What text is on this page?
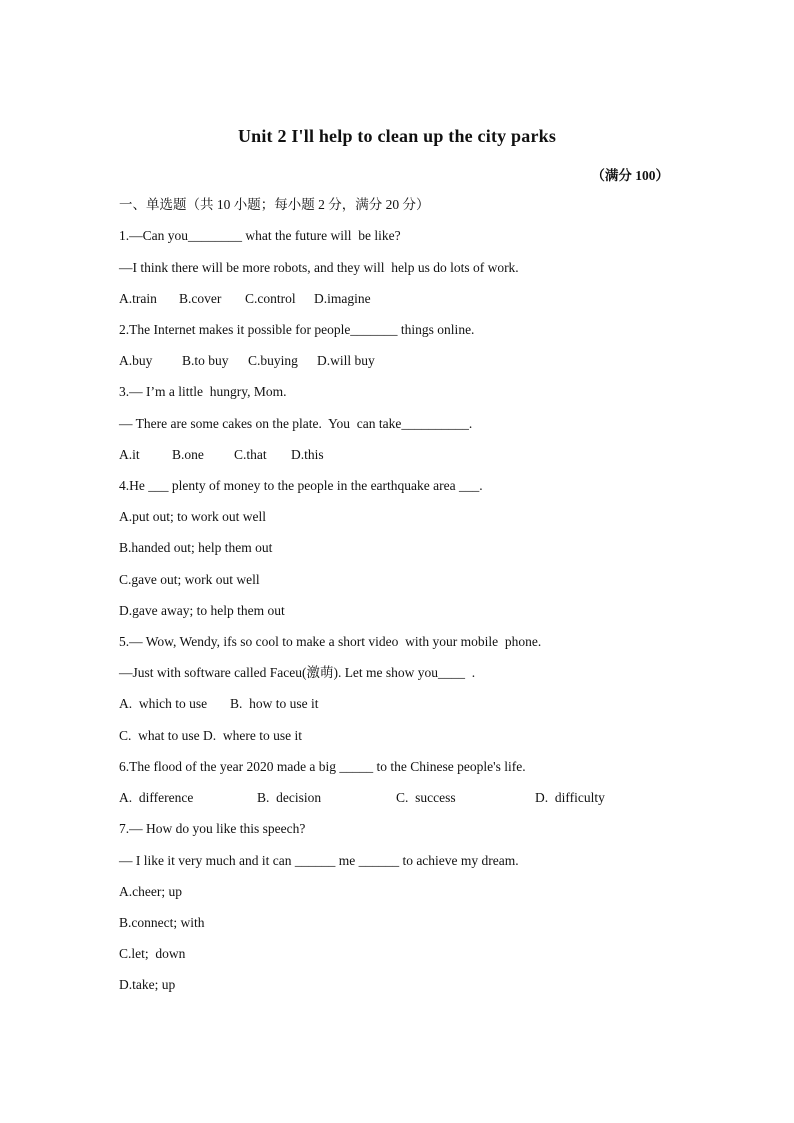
Unit 2 I'll help to clean up the city parks
（满分 100）
一、单选题（共 10 小题；每小题 2 分，满分 20 分）
1.—Can you________ what the future will  be like?
—I think there will be more robots, and they will  help us do lots of work.
A.train B.cover C.control D.imagine
2.The Internet makes it possible for people_______ things online.
A.buy B.to buy C.buying D.will buy
3.— I’m a little  hungry, Mom.
— There are some cakes on the plate.  You  can take__________.
A.it B.one C.that D.this
4.He ___ plenty of money to the people in the earthquake area ___.
A.put out; to work out well
B.handed out; help them out
C.gave out; work out well
D.gave away; to help them out
5.— Wow, Wendy, ifs so cool to make a short video  with your mobile  phone.
—Just with software called Faceu(激萌). Let me show you____  .
A.  which to use B.  how to use it
C.  what to use D.  where to use it
6.The flood of the year 2020 made a big _____ to the Chinese people's life.
A.  difference	B.  decision	C.  success	D.  difficulty
7.— How do you like this speech?
— I like it very much and it can ______ me ______ to achieve my dream.
A.cheer; up
B.connect; with
C.let;  down
D.take; up
